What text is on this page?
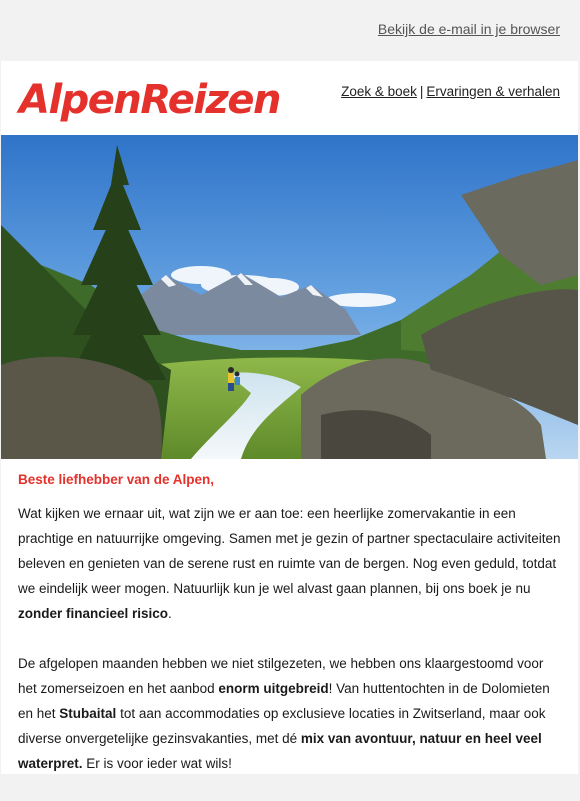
Bekijk de e-mail in je browser
AlpenReizen	Zoek & boek | Ervaringen & verhalen
Beste liefhebber van de Alpen,

Wat kijken we ernaar uit, wat zijn we er aan toe: een heerlijke zomervakantie in een prachtige en natuurrijke omgeving. Samen met je gezin of partner spectaculaire activiteiten beleven en genieten van de serene rust en ruimte van de bergen. Nog even geduld, totdat we eindelijk weer mogen. Natuurlijk kun je wel alvast gaan plannen, bij ons boek je nu zonder financieel risico.

De afgelopen maanden hebben we niet stilgezeten, we hebben ons klaargestoomd voor het zomerseizoen en het aanbod enorm uitgebreid! Van huttentochten in de Dolomieten en het Stubaital tot aan accommodaties op exclusieve locaties in Zwitserland, maar ook diverse onvergetelijke gezinsvakanties, met dé mix van avontuur, natuur en heel veel waterpret. Er is voor ieder wat wils!
